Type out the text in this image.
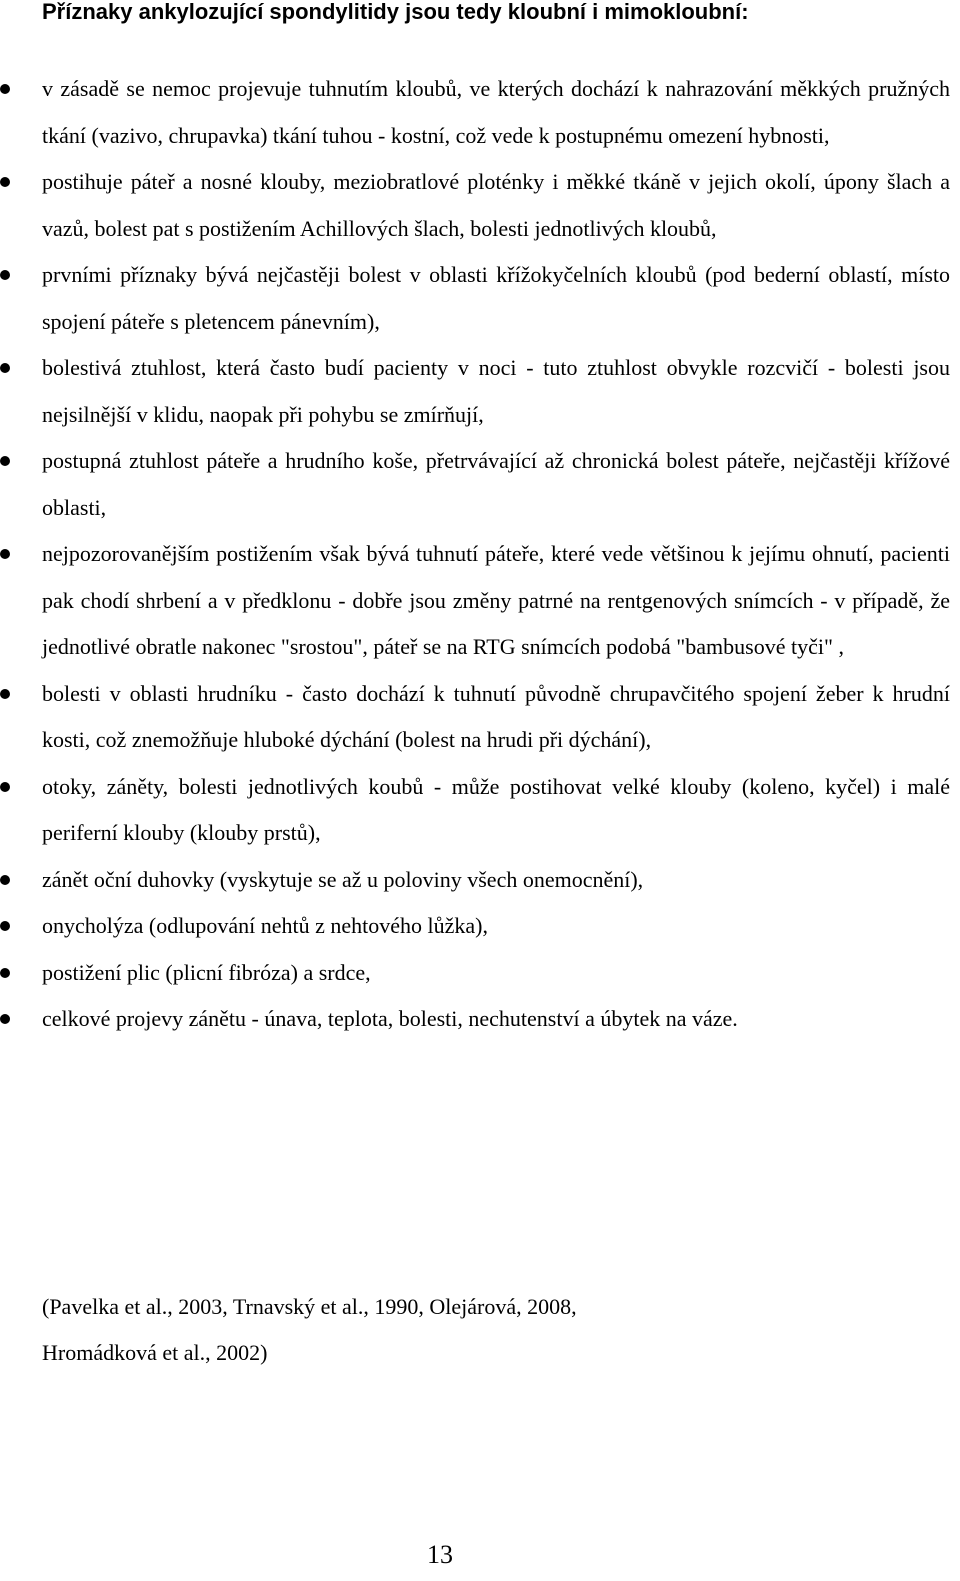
Příznaky ankylozující spondylitidy jsou tedy kloubní i mimokloubní:
v zásadě se nemoc projevuje tuhnutím kloubů, ve kterých dochází k nahrazování měkkých pružných tkání (vazivo, chrupavka) tkání tuhou - kostní, což vede k postupnému omezení hybnosti,
postihuje páteř a nosné klouby, meziobratlové ploténky i měkké tkáně v jejich okolí, úpony šlach a vazů, bolest pat s postižením Achillových šlach, bolesti jednotlivých kloubů,
prvními příznaky bývá nejčastěji bolest v oblasti křížokyčelních kloubů (pod bederní oblastí, místo spojení páteře s pletencem pánevním),
bolestivá ztuhlost, která často budí pacienty v noci - tuto ztuhlost obvykle rozcvičí - bolesti jsou nejsilnější v klidu, naopak při pohybu se zmírňují,
postupná ztuhlost páteře a hrudního koše, přetrvávající až chronická bolest páteře, nejčastěji křížové oblasti,
nejpozorovanějším postižením však bývá tuhnutí páteře, které vede většinou k jejímu ohnutí, pacienti pak chodí shrbení a v předklonu - dobře jsou změny patrné na rentgenových snímcích - v případě, že jednotlivé obratle nakonec "srostou", páteř se na RTG snímcích podobá "bambusové tyči" ,
bolesti v oblasti hrudníku - často dochází k tuhnutí původně chrupavčitého spojení žeber k hrudní kosti, což znemožňuje hluboké dýchání (bolest na hrudi při dýchání),
otoky, záněty, bolesti jednotlivých koubů - může postihovat velké klouby (koleno, kyčel) i malé periferní klouby (klouby prstů),
zánět oční duhovky (vyskytuje se až u poloviny všech onemocnění),
onycholýza (odlupování nehtů z nehtového lůžka),
postižení plic (plicní fibróza) a srdce,
celkové projevy zánětu - únava, teplota, bolesti, nechutenství a úbytek na váze.

(Pavelka et al., 2003, Trnavský et al., 1990, Olejárová, 2008,
Hromádková et al., 2002)

13
